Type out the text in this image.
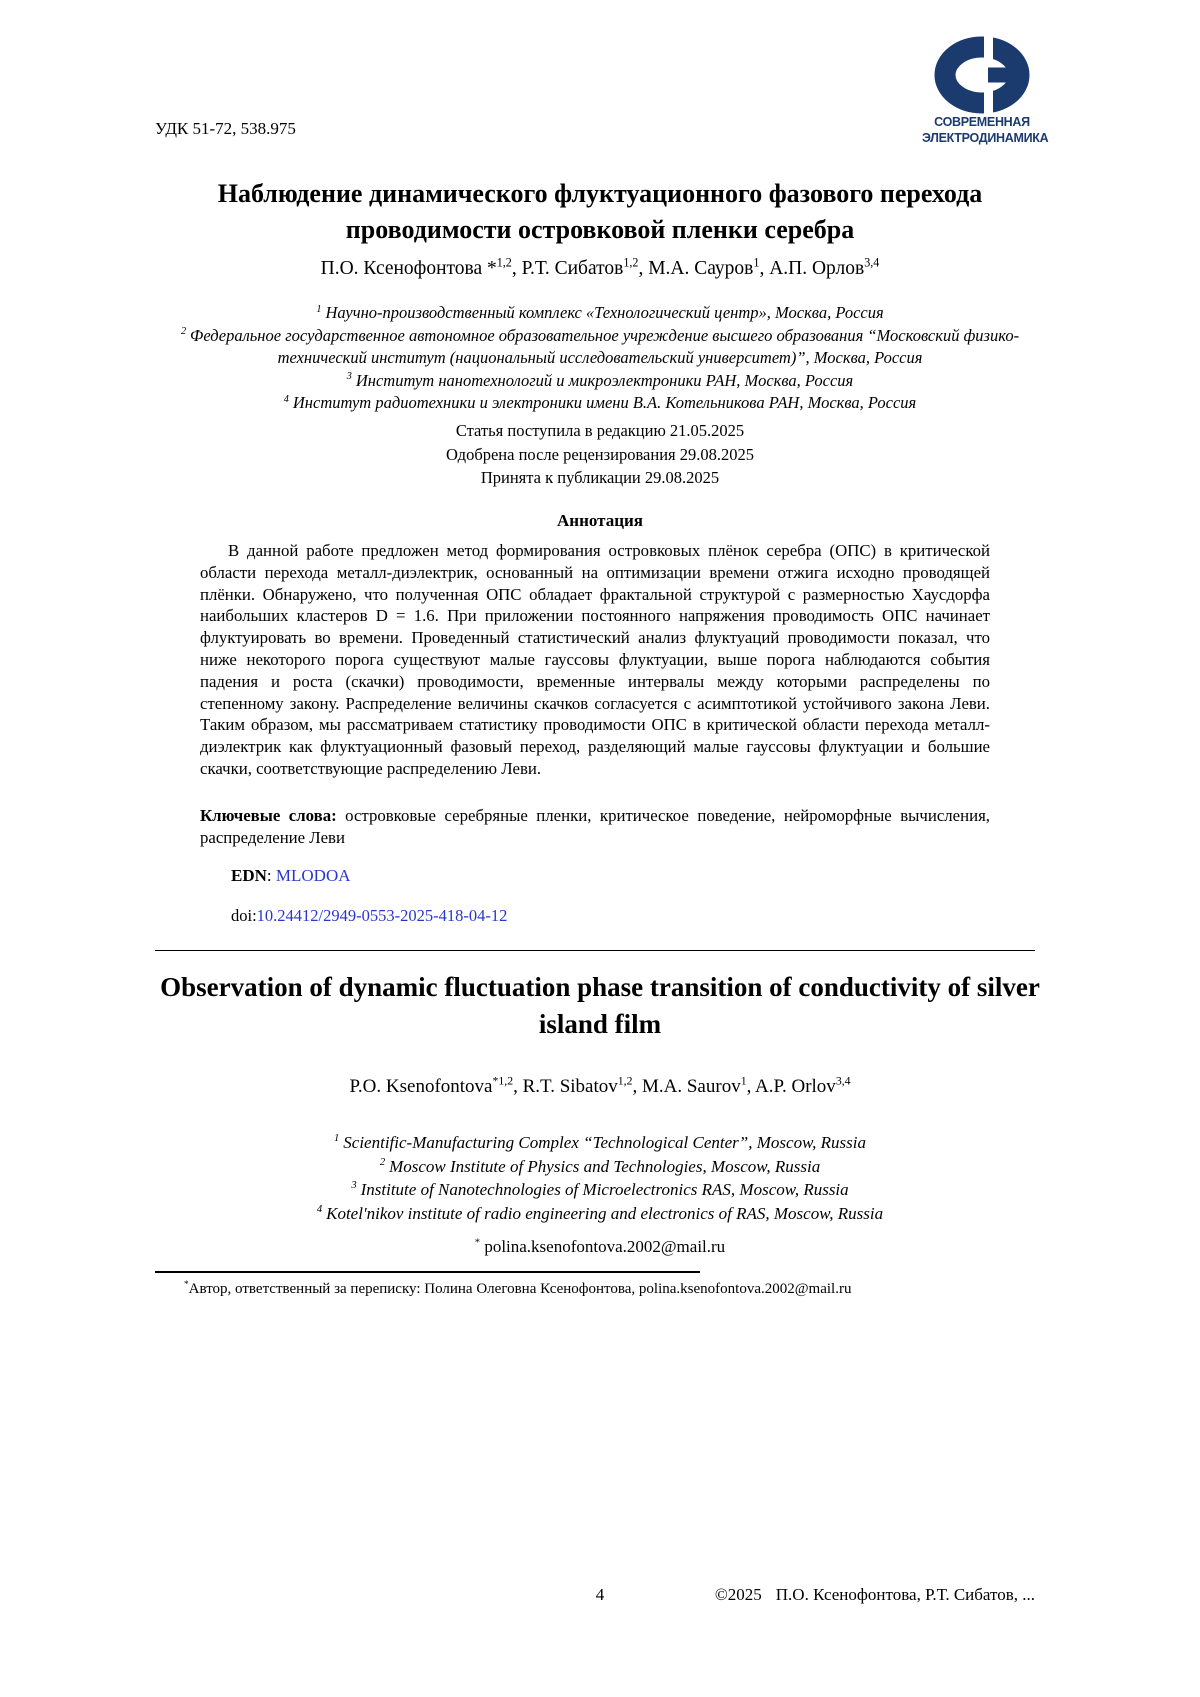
УДК 51-72, 538.975	СОВРЕМЕННАЯ
ЭЛЕКТРОДИНАМИКА
Наблюдение динамического флуктуационного фазового перехода проводимости островковой пленки серебра
П.О. Ксенофонтова *$^{1,2}$, Р.Т. Сибатов$^{1,2}$, М.А. Сауров$^1$, А.П. Орлов$^{3,4}$
$^1$ Научно-производственный комплекс «Технологический центр», Москва, Россия
$^2$ Федеральное государственное автономное образовательное учреждение высшего образования “Московский физико-технический институт (национальный исследовательский университет)”, Москва, Россия
$^3$ Институт нанотехнологий и микроэлектроники РАН, Москва, Россия
$^4$ Институт радиотехники и электроники имени В.А. Котельникова РАН, Москва, Россия
Статья поступила в редакцию 21.05.2025
Одобрена после рецензирования 29.08.2025
Принята к публикации 29.08.2025
Аннотация

В данной работе предложен метод формирования островковых плёнок серебра (ОПС) в критической области перехода металл-диэлектрик, основанный на оптимизации времени отжига исходно проводящей плёнки. Обнаружено, что полученная ОПС обладает фрактальной структурой с размерностью Хаусдорфа наибольших кластеров D = 1.6. При приложении постоянного напряжения проводимость ОПС начинает флуктуировать во времени. Проведенный статистический анализ флуктуаций проводимости показал, что ниже некоторого порога существуют малые гауссовы флуктуации, выше порога наблюдаются события падения и роста (скачки) проводимости, временные интервалы между которыми распределены по степенному закону. Распределение величины скачков согласуется с асимптотикой устойчивого закона Леви. Таким образом, мы рассматриваем статистику проводимости ОПС в критической области перехода металл-диэлектрик как флуктуационный фазовый переход, разделяющий малые гауссовы флуктуации и большие скачки, соответствующие распределению Леви.

Ключевые слова: островковые серебряные пленки, критическое поведение, нейроморфные вычисления, распределение Леви

EDN: MLODOA
doi:10.24412/2949-0553-2025-418-04-12
Observation of dynamic fluctuation phase transition of conductivity of silver island film
P.O. Ksenofontova$^{*1,2}$, R.T. Sibatov$^{1,2}$, M.A. Saurov$^1$, A.P. Orlov$^{3,4}$
$^1$ Scientific-Manufacturing Complex “Technological Center”, Moscow, Russia
$^2$ Moscow Institute of Physics and Technologies, Moscow, Russia
$^3$ Institute of Nanotechnologies of Microelectronics RAS, Moscow, Russia
$^4$ Kotel'nikov institute of radio engineering and electronics of RAS, Moscow, Russia
* polina.ksenofontova.2002@mail.ru
*Автор, ответственный за переписку: Полина Олеговна Ксенофонтова, polina.ksenofontova.2002@mail.ru
4	©2025 П.О. Ксенофонтова, Р.Т. Сибатов, ...
